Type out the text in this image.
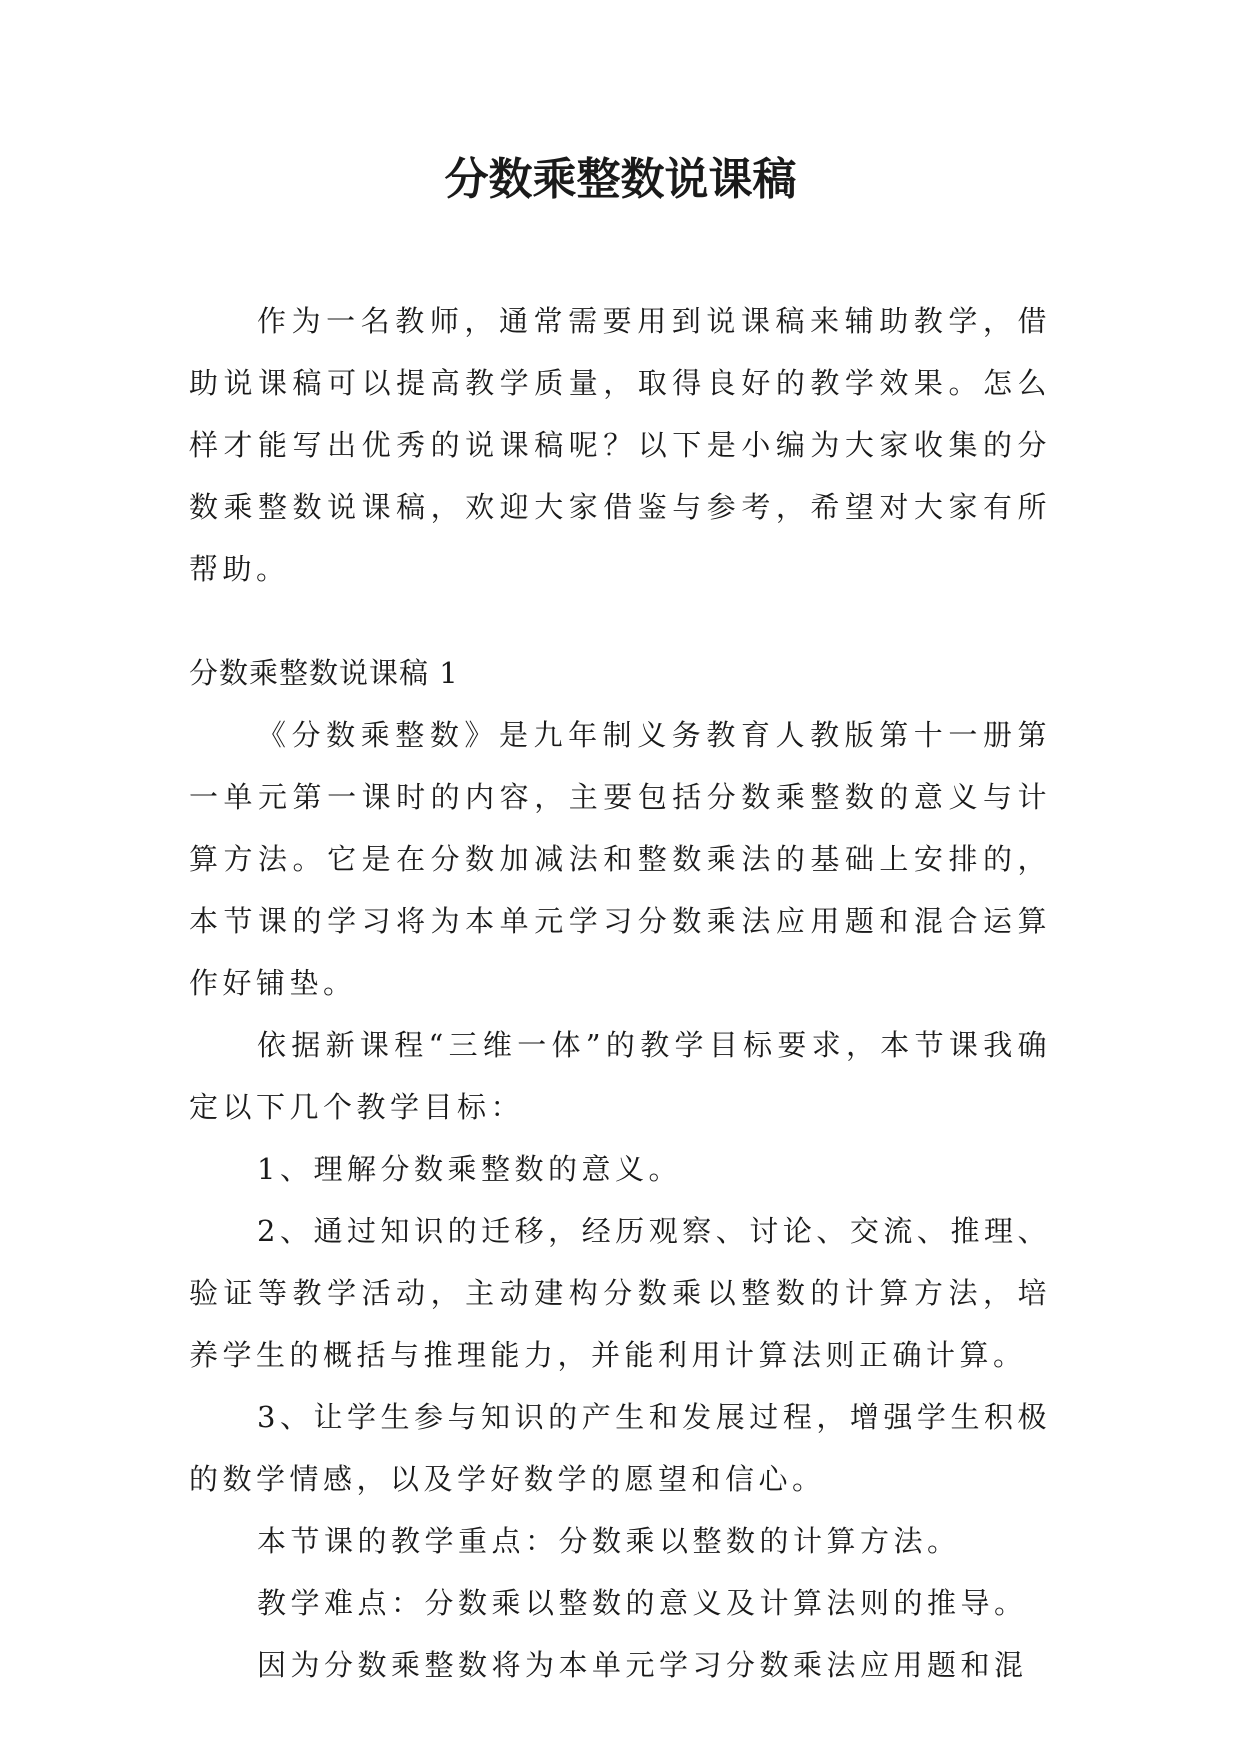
分数乘整数说课稿

作为一名教师，通常需要用到说课稿来辅助教学，借助说课稿可以提高教学质量，取得良好的教学效果。怎么样才能写出优秀的说课稿呢？以下是小编为大家收集的分数乘整数说课稿，欢迎大家借鉴与参考，希望对大家有所帮助。

分数乘整数说课稿 1

《分数乘整数》是九年制义务教育人教版第十一册第一单元第一课时的内容，主要包括分数乘整数的意义与计算方法。它是在分数加减法和整数乘法的基础上安排的，本节课的学习将为本单元学习分数乘法应用题和混合运算作好铺垫。

依据新课程“三维一体”的教学目标要求，本节课我确定以下几个教学目标：

1、理解分数乘整数的意义。

2、通过知识的迁移，经历观察、讨论、交流、推理、验证等教学活动，主动建构分数乘以整数的计算方法，培养学生的概括与推理能力，并能利用计算法则正确计算。

3、让学生参与知识的产生和发展过程，增强学生积极的数学情感，以及学好数学的愿望和信心。

本节课的教学重点：分数乘以整数的计算方法。

教学难点：分数乘以整数的意义及计算法则的推导。

因为分数乘整数将为本单元学习分数乘法应用题和混
